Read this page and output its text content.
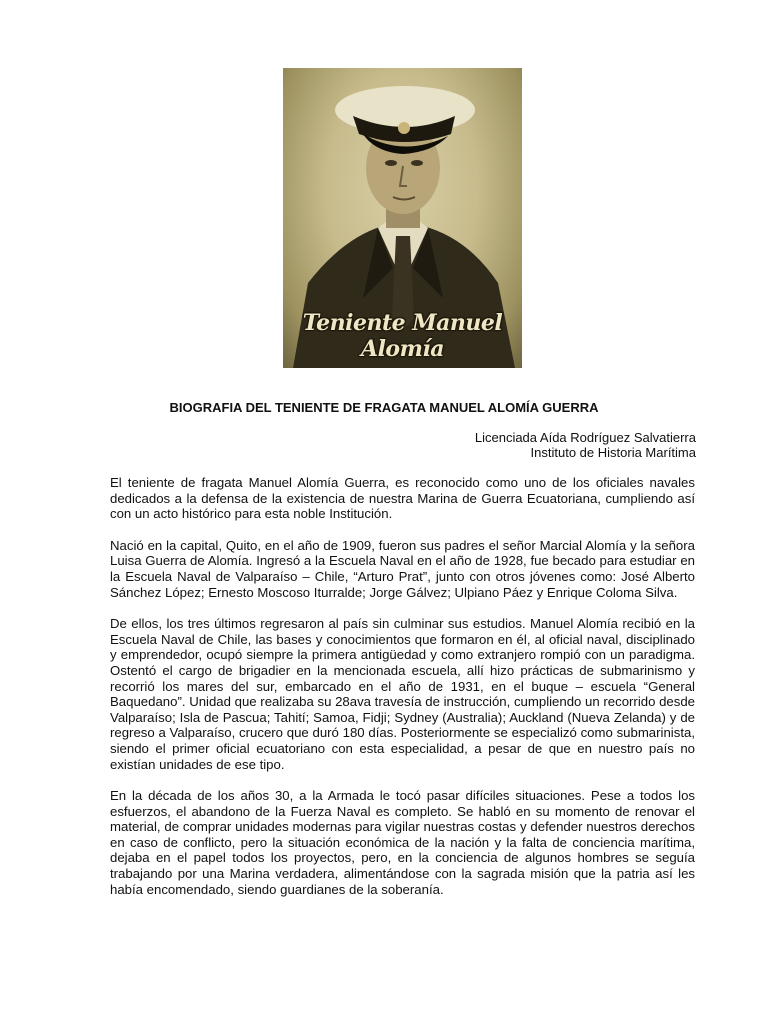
Teniente Manuel Alomía
BIOGRAFIA DEL TENIENTE DE FRAGATA MANUEL ALOMÍA GUERRA
Licenciada Aída Rodríguez Salvatierra
Instituto de Historia Marítima

El teniente de fragata Manuel Alomía Guerra, es reconocido como uno de los oficiales navales dedicados a la defensa de la existencia de nuestra Marina de Guerra Ecuatoriana, cumpliendo así con un acto histórico para esta noble Institución.

Nació en la capital, Quito, en el año de 1909, fueron sus padres el señor Marcial Alomía y la señora Luisa Guerra de Alomía. Ingresó a la Escuela Naval en el año de 1928, fue becado para estudiar en la Escuela Naval de Valparaíso – Chile, “Arturo Prat”, junto con otros jóvenes como: José Alberto Sánchez López; Ernesto Moscoso Iturralde; Jorge Gálvez; Ulpiano Páez y Enrique Coloma Silva.

De ellos, los tres últimos regresaron al país sin culminar sus estudios. Manuel Alomía recibió en la Escuela Naval de Chile, las bases y conocimientos que formaron en él, al oficial naval, disciplinado y emprendedor, ocupó siempre la primera antigüedad y como extranjero rompió con un paradigma. Ostentó el cargo de brigadier en la mencionada escuela, allí hizo prácticas de submarinismo y recorrió los mares del sur, embarcado en el año de 1931, en el buque – escuela “General Baquedano”. Unidad que realizaba su 28ava travesía de instrucción, cumpliendo un recorrido desde Valparaíso; Isla de Pascua; Tahití; Samoa, Fidji; Sydney (Australia); Auckland (Nueva Zelanda) y de regreso a Valparaíso, crucero que duró 180 días. Posteriormente se especializó como submarinista, siendo el primer oficial ecuatoriano con esta especialidad, a pesar de que en nuestro país no existían unidades de ese tipo.

En la década de los años 30, a la Armada le tocó pasar difíciles situaciones. Pese a todos los esfuerzos, el abandono de la Fuerza Naval es completo. Se habló en su momento de renovar el material, de comprar unidades modernas para vigilar nuestras costas y defender nuestros derechos en caso de conflicto, pero la situación económica de la nación y la falta de conciencia marítima, dejaba en el papel todos los proyectos, pero, en la conciencia de algunos hombres se seguía trabajando por una Marina verdadera, alimentándose con la sagrada misión que la patria así les había encomendado, siendo guardianes de la soberanía.
